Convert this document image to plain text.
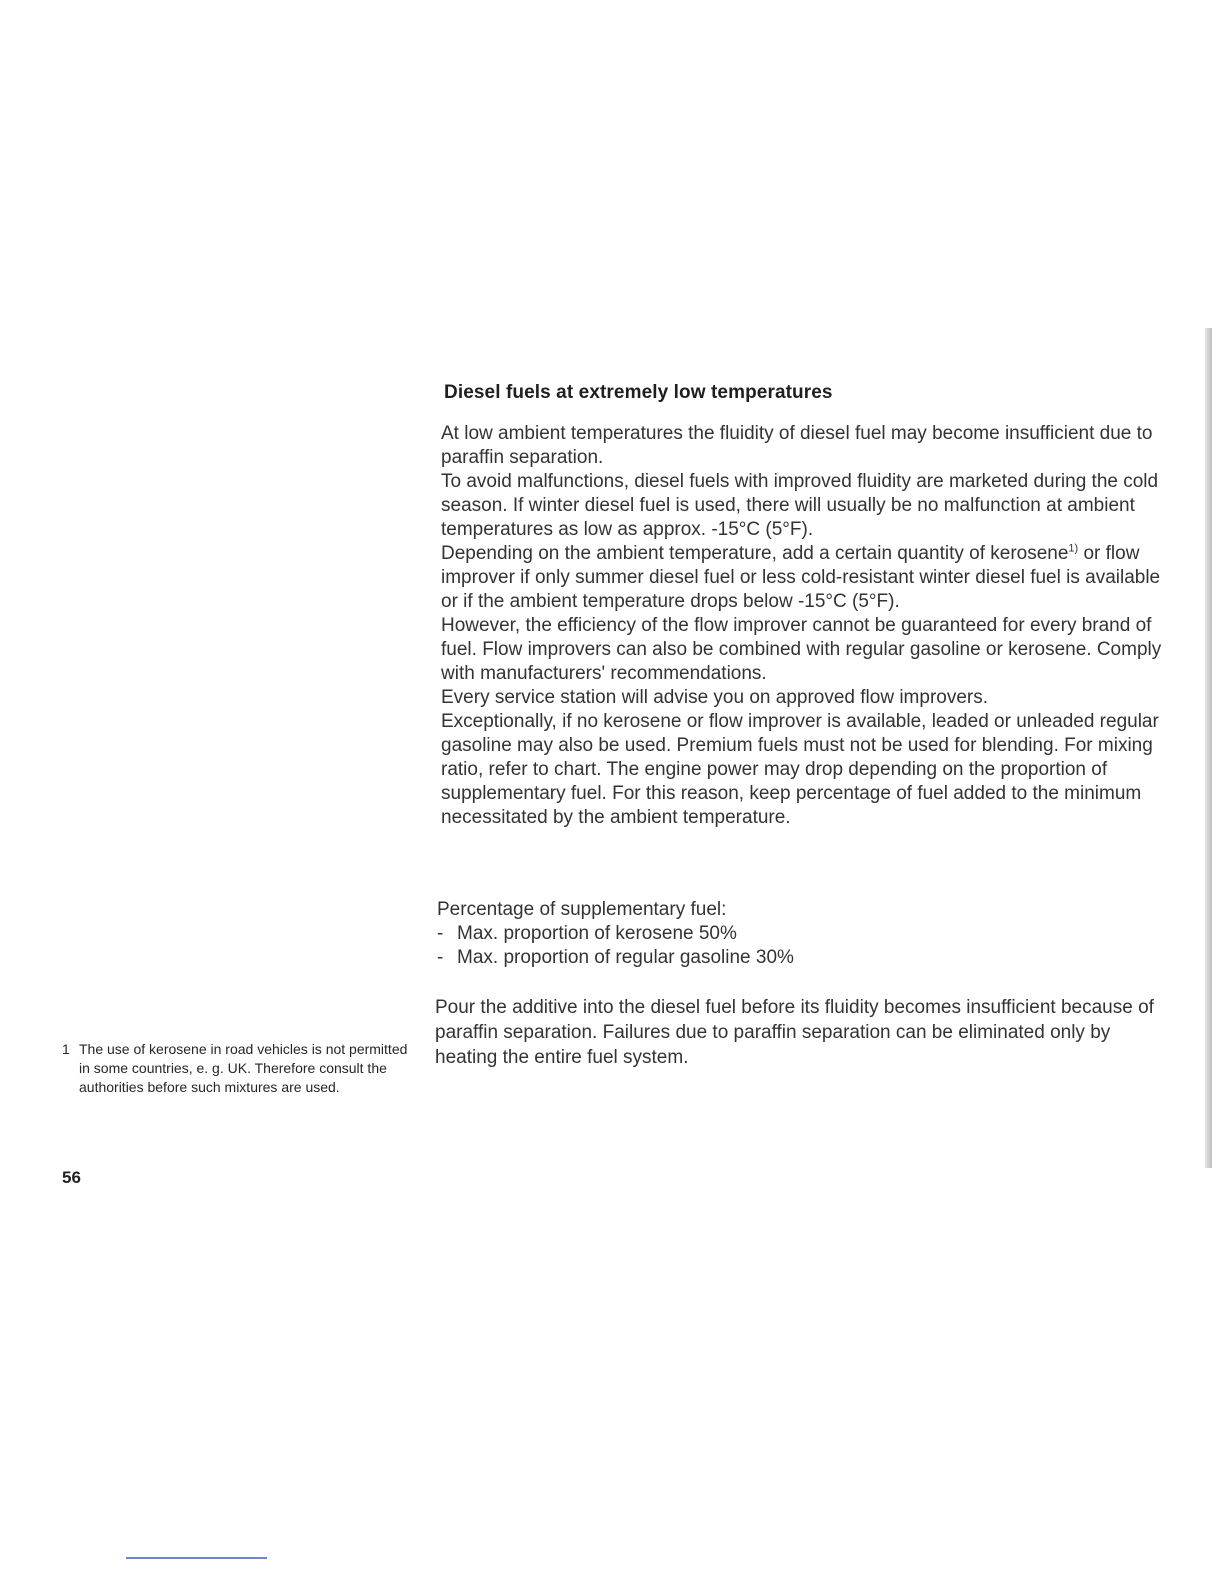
Diesel fuels at extremely low temperatures

At low ambient temperatures the fluidity of diesel fuel may become insufficient due to paraffin separation.

To avoid malfunctions, diesel fuels with improved fluidity are marketed during the cold season. If winter diesel fuel is used, there will usually be no malfunction at ambient temperatures as low as approx. -15°C (5°F).

Depending on the ambient temperature, add a certain quantity of kerosene$^{1)}$ or flow improver if only summer diesel fuel or less cold-resistant winter diesel fuel is available or if the ambient temperature drops below -15°C (5°F).

However, the efficiency of the flow improver cannot be guaranteed for every brand of fuel. Flow improvers can also be combined with regular gasoline or kerosene. Comply with manufacturers' recommendations.

Every service station will advise you on approved flow improvers.

Exceptionally, if no kerosene or flow improver is available, leaded or unleaded regular gasoline may also be used. Premium fuels must not be used for blending. For mixing ratio, refer to chart. The engine power may drop depending on the proportion of supplementary fuel. For this reason, keep percentage of fuel added to the minimum necessitated by the ambient temperature.

Percentage of supplementary fuel:

- Max. proportion of kerosene 50%
- Max. proportion of regular gasoline 30%

Pour the additive into the diesel fuel before its fluidity becomes insufficient because of paraffin separation. Failures due to paraffin separation can be eliminated only by heating the entire fuel system.

1 The use of kerosene in road vehicles is not permitted in some countries, e. g. UK. Therefore consult the authorities before such mixtures are used.
56
